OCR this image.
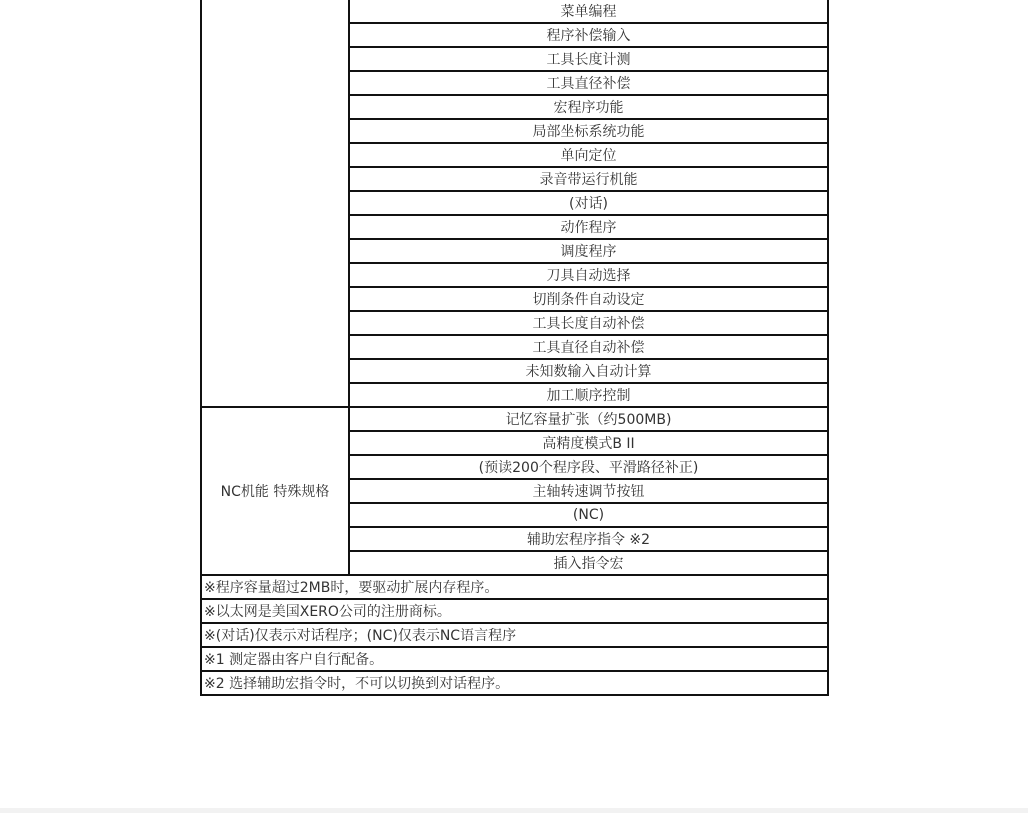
	菜单编程
	程序补偿输入
	工具长度计测
	工具直径补偿
	宏程序功能
	局部坐标系统功能
	单向定位
	录音带运行机能
	(对话)
	动作程序
	调度程序
	刀具自动选择
	切削条件自动设定
	工具长度自动补偿
	工具直径自动补偿
	未知数输入自动计算
	加工顺序控制
NC机能 特殊规格	记忆容量扩张（约500MB)
	高精度模式B II
	(预读200个程序段、平滑路径补正)
	主轴转速调节按钮
	(NC)
	辅助宏程序指令 ※2
	插入指令宏
※程序容量超过2MB时，要驱动扩展内存程序。	
※以太网是美国XERO公司的注册商标。	
※(对话)仅表示对话程序；(NC)仅表示NC语言程序	
※1 测定器由客户自行配备。	
※2 选择辅助宏指令时，不可以切换到对话程序。	
